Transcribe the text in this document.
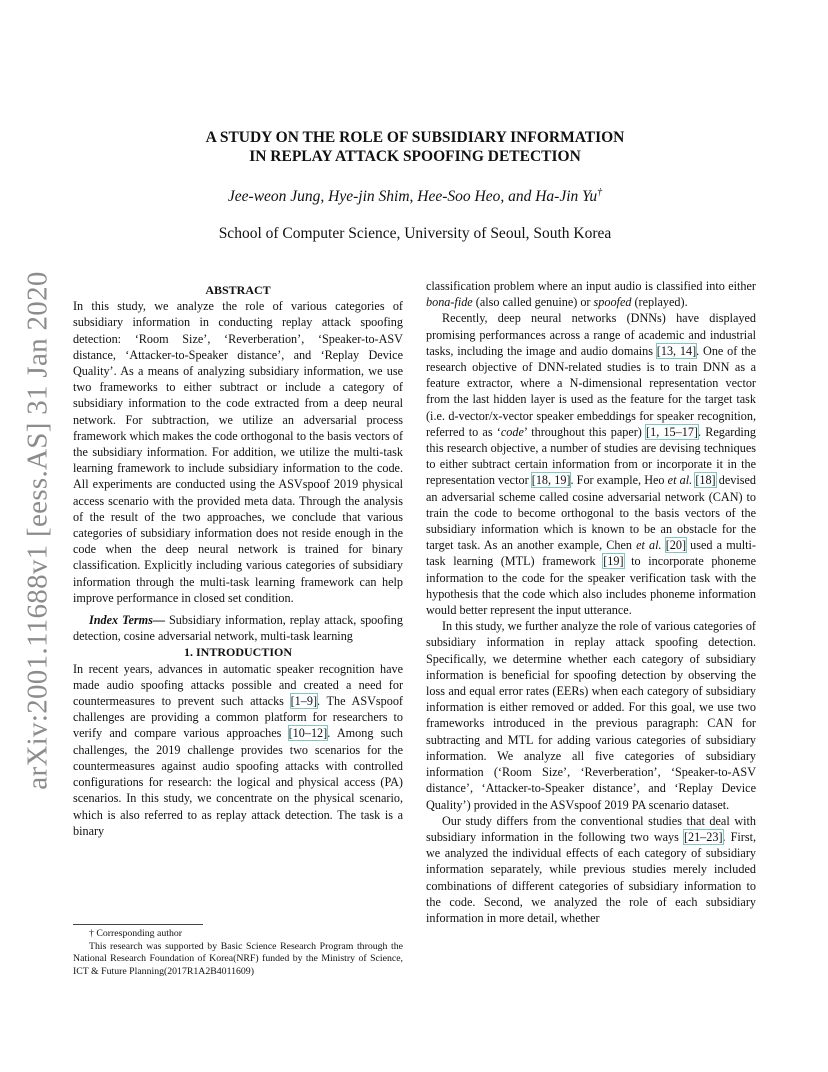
arXiv:2001.11688v1 [eess.AS] 31 Jan 2020
A STUDY ON THE ROLE OF SUBSIDIARY INFORMATION
IN REPLAY ATTACK SPOOFING DETECTION
Jee-weon Jung, Hye-jin Shim, Hee-Soo Heo, and Ha-Jin Yu†
School of Computer Science, University of Seoul, South Korea

ABSTRACT

In this study, we analyze the role of various categories of subsidiary information in conducting replay attack spoofing detection: ‘Room Size’, ‘Reverberation’, ‘Speaker-to-ASV distance, ‘Attacker-to-Speaker distance’, and ‘Replay Device Quality’. As a means of analyzing subsidiary information, we use two frameworks to either subtract or include a category of subsidiary information to the code extracted from a deep neural network. For subtraction, we utilize an adversarial process framework which makes the code orthogonal to the basis vectors of the subsidiary information. For addition, we utilize the multi-task learning framework to include subsidiary information to the code. All experiments are conducted using the ASVspoof 2019 physical access scenario with the provided meta data. Through the analysis of the result of the two approaches, we conclude that various categories of subsidiary information does not reside enough in the code when the deep neural network is trained for binary classification. Explicitly including various categories of subsidiary information through the multi-task learning framework can help improve performance in closed set condition.

Index Terms— Subsidiary information, replay attack, spoofing detection, cosine adversarial network, multi-task learning

1. INTRODUCTION

In recent years, advances in automatic speaker recognition have made audio spoofing attacks possible and created a need for countermeasures to prevent such attacks [1–9]. The ASVspoof challenges are providing a common platform for researchers to verify and compare various approaches [10–12]. Among such challenges, the 2019 challenge provides two scenarios for the countermeasures against audio spoofing attacks with controlled configurations for research: the logical and physical access (PA) scenarios. In this study, we concentrate on the physical scenario, which is also referred to as replay attack detection. The task is a binary

† Corresponding author

This research was supported by Basic Science Research Program through the National Research Foundation of Korea(NRF) funded by the Ministry of Science, ICT & Future Planning(2017R1A2B4011609)

classification problem where an input audio is classified into either bona-fide (also called genuine) or spoofed (replayed).

Recently, deep neural networks (DNNs) have displayed promising performances across a range of academic and industrial tasks, including the image and audio domains [13, 14]. One of the research objective of DNN-related studies is to train DNN as a feature extractor, where a N-dimensional representation vector from the last hidden layer is used as the feature for the target task (i.e. d-vector/x-vector speaker embeddings for speaker recognition, referred to as ‘code’ throughout this paper) [1, 15–17]. Regarding this research objective, a number of studies are devising techniques to either subtract certain information from or incorporate it in the representation vector [18, 19]. For example, Heo et al. [18] devised an adversarial scheme called cosine adversarial network (CAN) to train the code to become orthogonal to the basis vectors of the subsidiary information which is known to be an obstacle for the target task. As an another example, Chen et al. [20] used a multi-task learning (MTL) framework [19] to incorporate phoneme information to the code for the speaker verification task with the hypothesis that the code which also includes phoneme information would better represent the input utterance.

In this study, we further analyze the role of various categories of subsidiary information in replay attack spoofing detection. Specifically, we determine whether each category of subsidiary information is beneficial for spoofing detection by observing the loss and equal error rates (EERs) when each category of subsidiary information is either removed or added. For this goal, we use two frameworks introduced in the previous paragraph: CAN for subtracting and MTL for adding various categories of subsidiary information. We analyze all five categories of subsidiary information (‘Room Size’, ‘Reverberation’, ‘Speaker-to-ASV distance’, ‘Attacker-to-Speaker distance’, and ‘Replay Device Quality’) provided in the ASVspoof 2019 PA scenario dataset.

Our study differs from the conventional studies that deal with subsidiary information in the following two ways [21–23]. First, we analyzed the individual effects of each category of subsidiary information separately, while previous studies merely included combinations of different categories of subsidiary information to the code. Second, we analyzed the role of each subsidiary information in more detail, whether
